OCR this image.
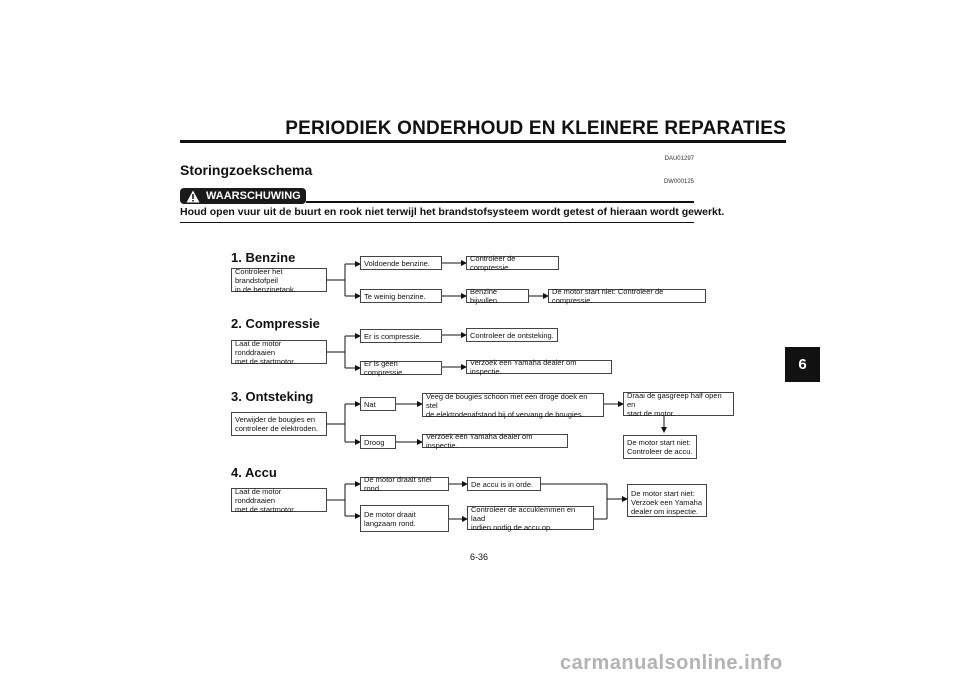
PERIODIEK ONDERHOUD EN KLEINERE REPARATIES
DAU01297
Storingzoekschema
DW000125
WAARSCHUWING
Houd open vuur uit de buurt en rook niet terwijl het brandstofsysteem wordt getest of hieraan wordt gewerkt.
1. Benzine
Controleer het brandstofpeil
in de benzinetank.
Voldoende benzine.	Controleer de compressie.
Te weinig benzine.	Benzine bijvullen.
De motor start niet: Controleer de compressie.
2. Compressie
Laat de motor ronddraaien
met de startmotor.
Er is compressie.	Controleer de ontsteking.
Er is geen compressie.
Verzoek een Yamaha dealer om inspectie.
3. Ontsteking
Verwijder de bougies en
controleer de elektroden.
Nat
Veeg de bougies schoon met een droge doek en stel
de elektrodenafstand bij of vervang de bougies.
Draai de gasgreep half open en
start de motor.
De motor start niet:
Controleer de accu.
Droog
Verzoek een Yamaha dealer om inspectie.
4. Accu
Laat de motor ronddraaien
met de startmotor.
De motor draait snel rond.	De accu is in orde.
De motor draait
langzaam rond.
Controleer de accuklemmen en laad
indien nodig de accu op.
De motor start niet:
Verzoek een Yamaha
dealer om inspectie.
6-36
6
carmanualsonline.info
